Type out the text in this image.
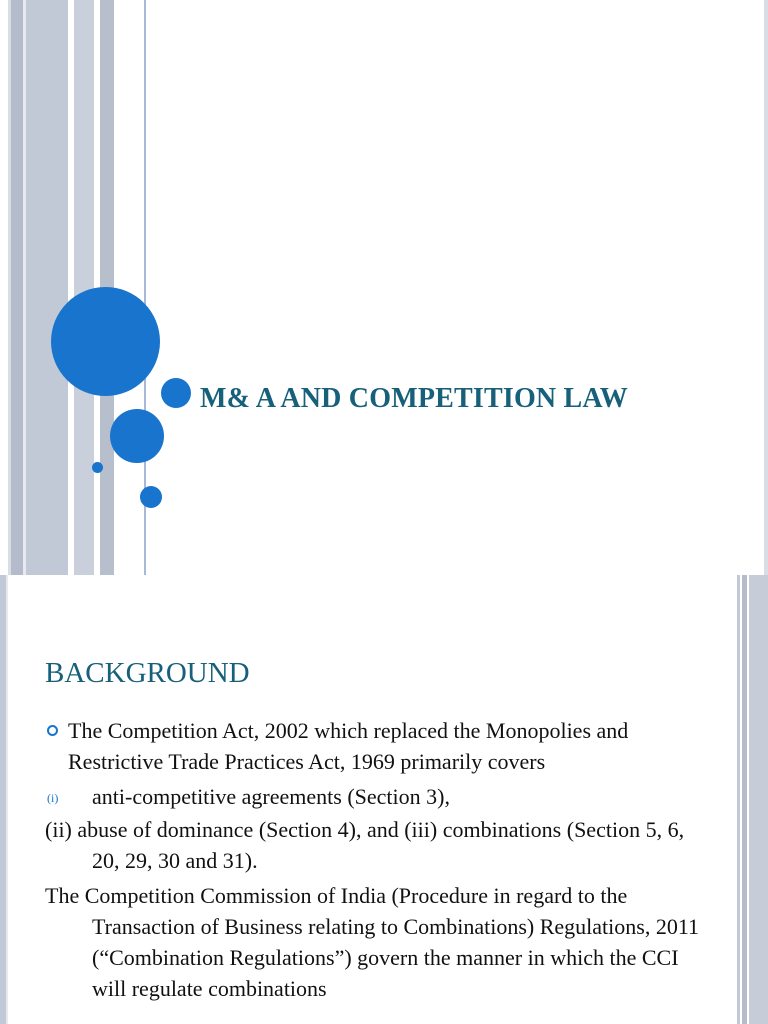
M& A AND COMPETITION LAW
BACKGROUND

The Competition Act, 2002 which replaced the Monopolies and Restrictive Trade Practices Act, 1969 primarily covers

(i) anti-competitive agreements (Section 3),

(ii) abuse of dominance (Section 4), and (iii) combinations (Section 5, 6, 20, 29, 30 and 31).

The Competition Commission of India (Procedure in regard to the Transaction of Business relating to Combinations) Regulations, 2011 (“Combination Regulations”) govern the manner in which the CCI will regulate combinations
